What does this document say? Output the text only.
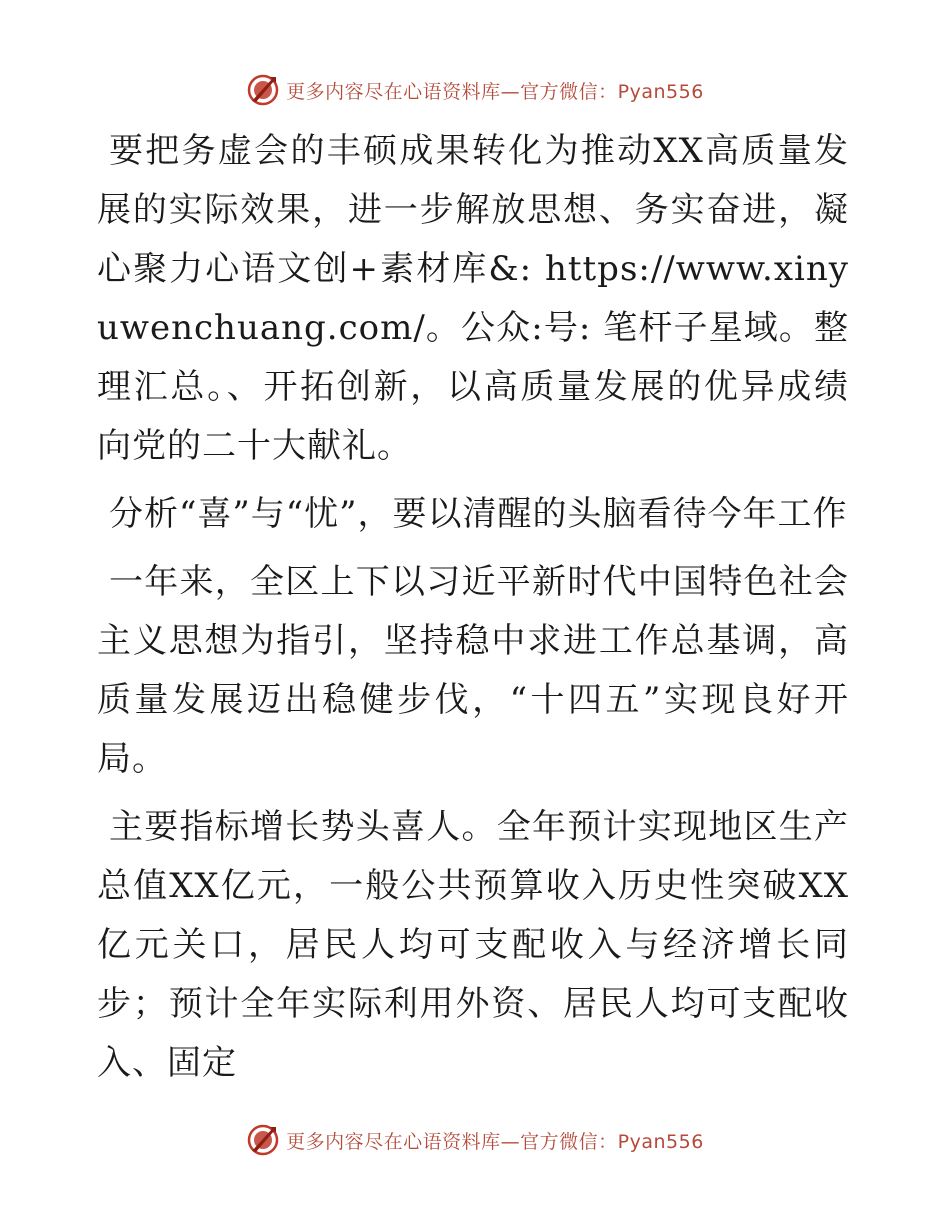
更多内容尽在心语资料库—官方微信：Pyan556

要把务虚会的丰硕成果转化为推动XX高质量发展的实际效果，进一步解放思想、务实奋进，凝心聚力心语文创+素材库&: https://www.xinyuwenchuang.com/。公众:号: 笔杆子星域。整理汇总。、开拓创新，以高质量发展的优异成绩向党的二十大献礼。

分析“喜”与“忧”，要以清醒的头脑看待今年工作

一年来，全区上下以习近平新时代中国特色社会主义思想为指引，坚持稳中求进工作总基调，高质量发展迈出稳健步伐，“十四五”实现良好开局。

主要指标增长势头喜人。全年预计实现地区生产总值XX亿元，一般公共预算收入历史性突破XX亿元关口，居民人均可支配收入与经济增长同步；预计全年实际利用外资、居民人均可支配收入、固定

更多内容尽在心语资料库—官方微信：Pyan556
